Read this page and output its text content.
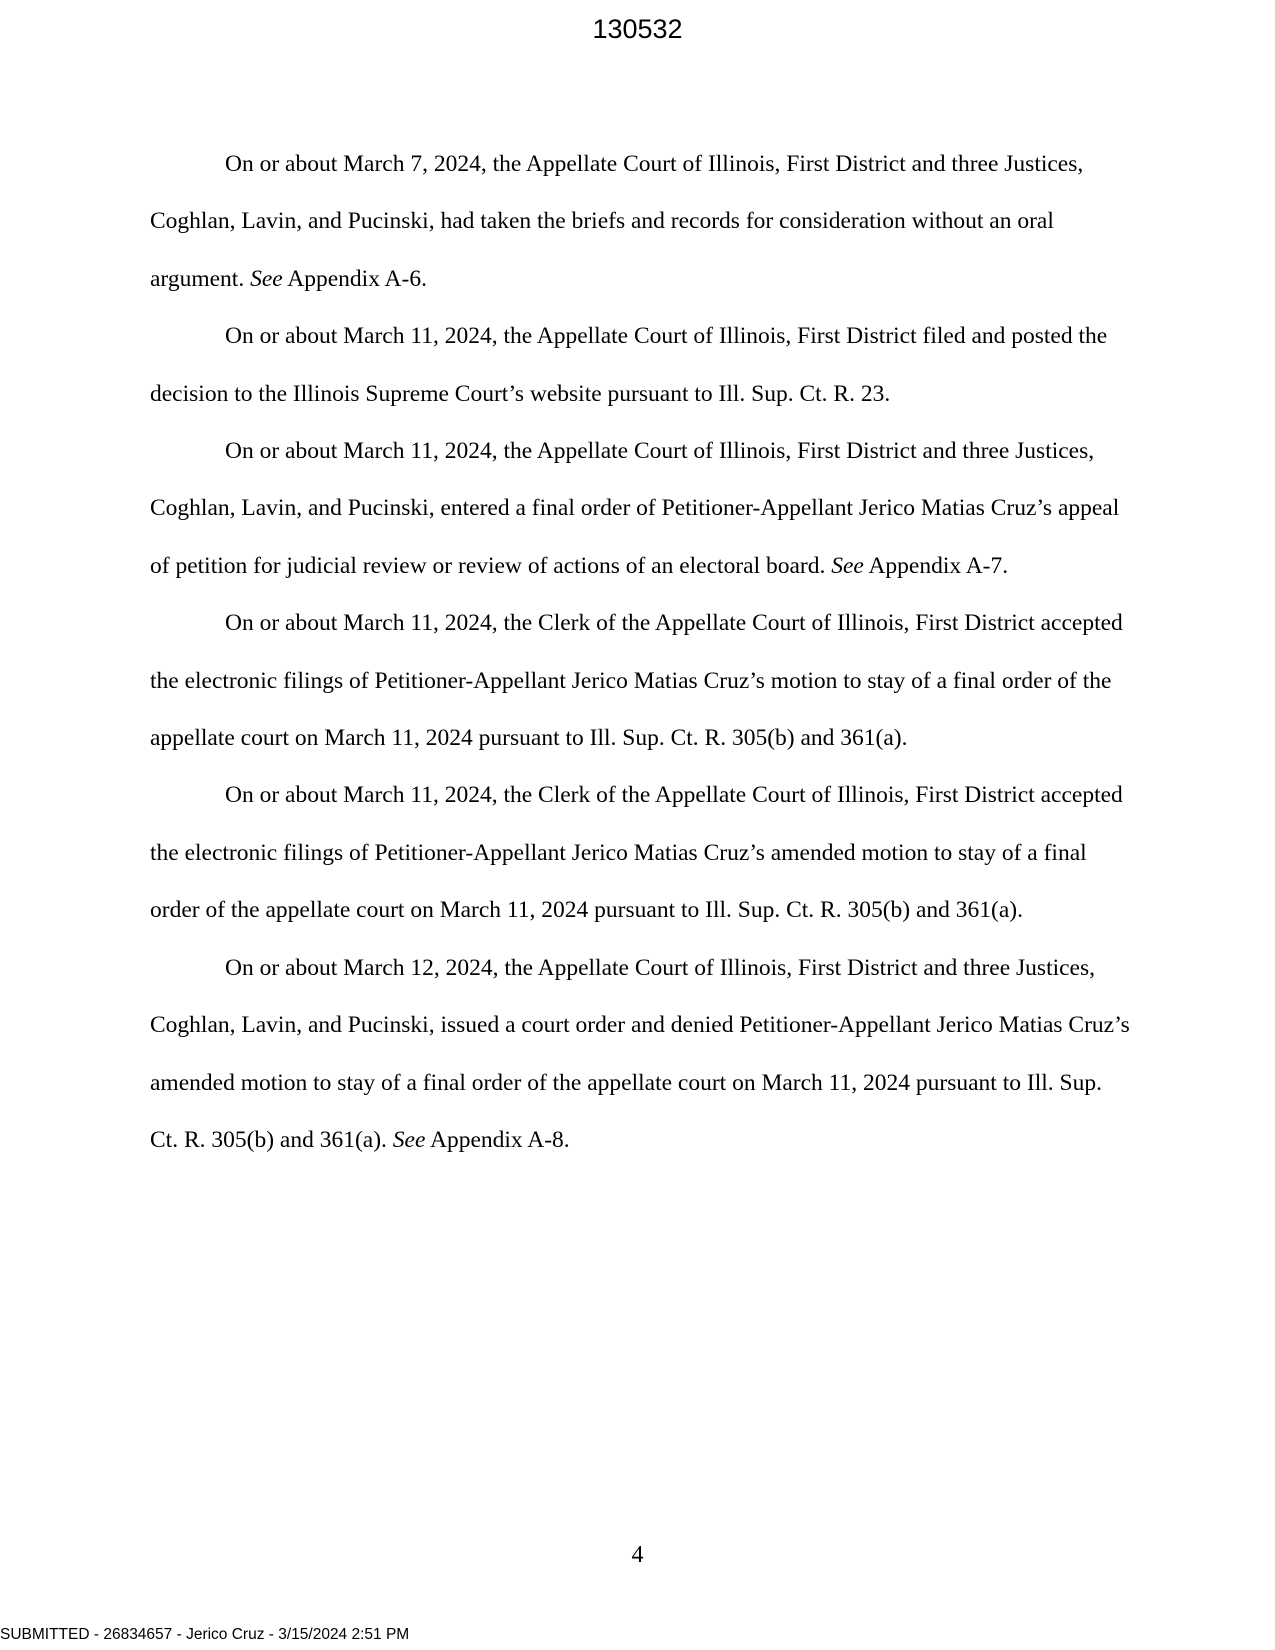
130532

On or about March 7, 2024, the Appellate Court of Illinois, First District and three Justices, Coghlan, Lavin, and Pucinski, had taken the briefs and records for consideration without an oral argument. See Appendix A-6.

On or about March 11, 2024, the Appellate Court of Illinois, First District filed and posted the decision to the Illinois Supreme Court’s website pursuant to Ill. Sup. Ct. R. 23.

On or about March 11, 2024, the Appellate Court of Illinois, First District and three Justices, Coghlan, Lavin, and Pucinski, entered a final order of Petitioner-Appellant Jerico Matias Cruz’s appeal of petition for judicial review or review of actions of an electoral board. See Appendix A-7.

On or about March 11, 2024, the Clerk of the Appellate Court of Illinois, First District accepted the electronic filings of Petitioner-Appellant Jerico Matias Cruz’s motion to stay of a final order of the appellate court on March 11, 2024 pursuant to Ill. Sup. Ct. R. 305(b) and 361(a).

On or about March 11, 2024, the Clerk of the Appellate Court of Illinois, First District accepted the electronic filings of Petitioner-Appellant Jerico Matias Cruz’s amended motion to stay of a final order of the appellate court on March 11, 2024 pursuant to Ill. Sup. Ct. R. 305(b) and 361(a).

On or about March 12, 2024, the Appellate Court of Illinois, First District and three Justices, Coghlan, Lavin, and Pucinski, issued a court order and denied Petitioner-Appellant Jerico Matias Cruz’s amended motion to stay of a final order of the appellate court on March 11, 2024 pursuant to Ill. Sup. Ct. R. 305(b) and 361(a). See Appendix A-8.

4
SUBMITTED - 26834657 - Jerico Cruz - 3/15/2024 2:51 PM
